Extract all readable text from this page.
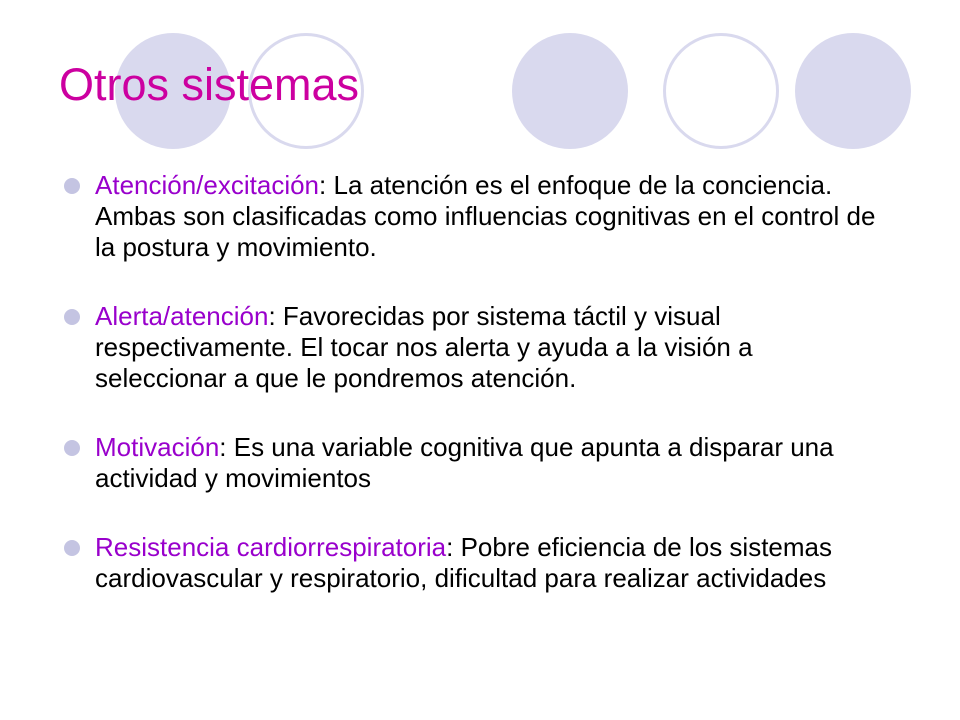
Otros sistemas
Atención/excitación: La atención es el enfoque de la conciencia. Ambas son clasificadas como influencias cognitivas en el control de la postura y movimiento.
Alerta/atención: Favorecidas por sistema táctil y visual respectivamente. El tocar nos alerta y ayuda a la visión a seleccionar a que le pondremos atención.
Motivación: Es una variable cognitiva que apunta a disparar una actividad y movimientos
Resistencia cardiorrespiratoria: Pobre eficiencia de los sistemas cardiovascular y respiratorio, dificultad para realizar actividades
